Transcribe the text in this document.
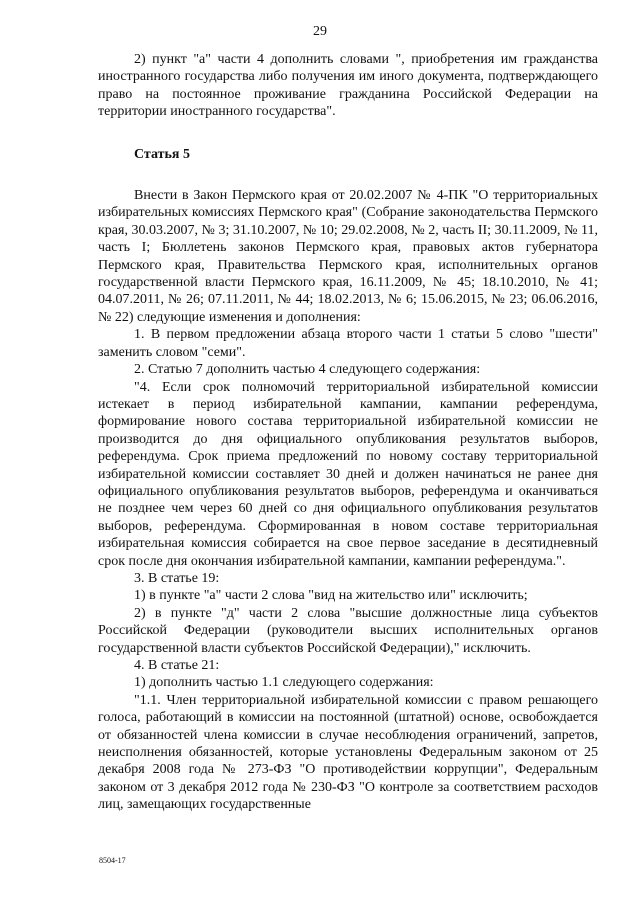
29

2) пункт "а" части 4 дополнить словами ", приобретения им гражданства иностранного государства либо получения им иного документа, подтверждающего право на постоянное проживание гражданина Российской Федерации на территории иностранного государства".

Статья 5

Внести в Закон Пермского края от 20.02.2007 № 4-ПК "О территориальных избирательных комиссиях Пермского края" (Собрание законодательства Пермского края, 30.03.2007, № 3; 31.10.2007, № 10; 29.02.2008, № 2, часть II; 30.11.2009, № 11, часть I; Бюллетень законов Пермского края, правовых актов губернатора Пермского края, Правительства Пермского края, исполнительных органов государственной власти Пермского края, 16.11.2009, № 45; 18.10.2010, № 41; 04.07.2011, № 26; 07.11.2011, № 44; 18.02.2013, № 6; 15.06.2015, № 23; 06.06.2016, № 22) следующие изменения и дополнения:

1. В первом предложении абзаца второго части 1 статьи 5 слово "шести" заменить словом "семи".

2. Статью 7 дополнить частью 4 следующего содержания:

"4. Если срок полномочий территориальной избирательной комиссии истекает в период избирательной кампании, кампании референдума, формирование нового состава территориальной избирательной комиссии не производится до дня официального опубликования результатов выборов, референдума. Срок приема предложений по новому составу территориальной избирательной комиссии составляет 30 дней и должен начинаться не ранее дня официального опубликования результатов выборов, референдума и оканчиваться не позднее чем через 60 дней со дня официального опубликования результатов выборов, референдума. Сформированная в новом составе территориальная избирательная комиссия собирается на свое первое заседание в десятидневный срок после дня окончания избирательной кампании, кампании референдума.".

3. В статье 19:

1) в пункте "а" части 2 слова "вид на жительство или" исключить;

2) в пункте "д" части 2 слова "высшие должностные лица субъектов Российской Федерации (руководители высших исполнительных органов государственной власти субъектов Российской Федерации)," исключить.

4. В статье 21:

1) дополнить частью 1.1 следующего содержания:

"1.1. Член территориальной избирательной комиссии с правом решающего голоса, работающий в комиссии на постоянной (штатной) основе, освобождается от обязанностей члена комиссии в случае несоблюдения ограничений, запретов, неисполнения обязанностей, которые установлены Федеральным законом от 25 декабря 2008 года № 273-ФЗ "О противодействии коррупции", Федеральным законом от 3 декабря 2012 года № 230-ФЗ "О контроле за соответствием расходов лиц, замещающих государственные

8504-17
